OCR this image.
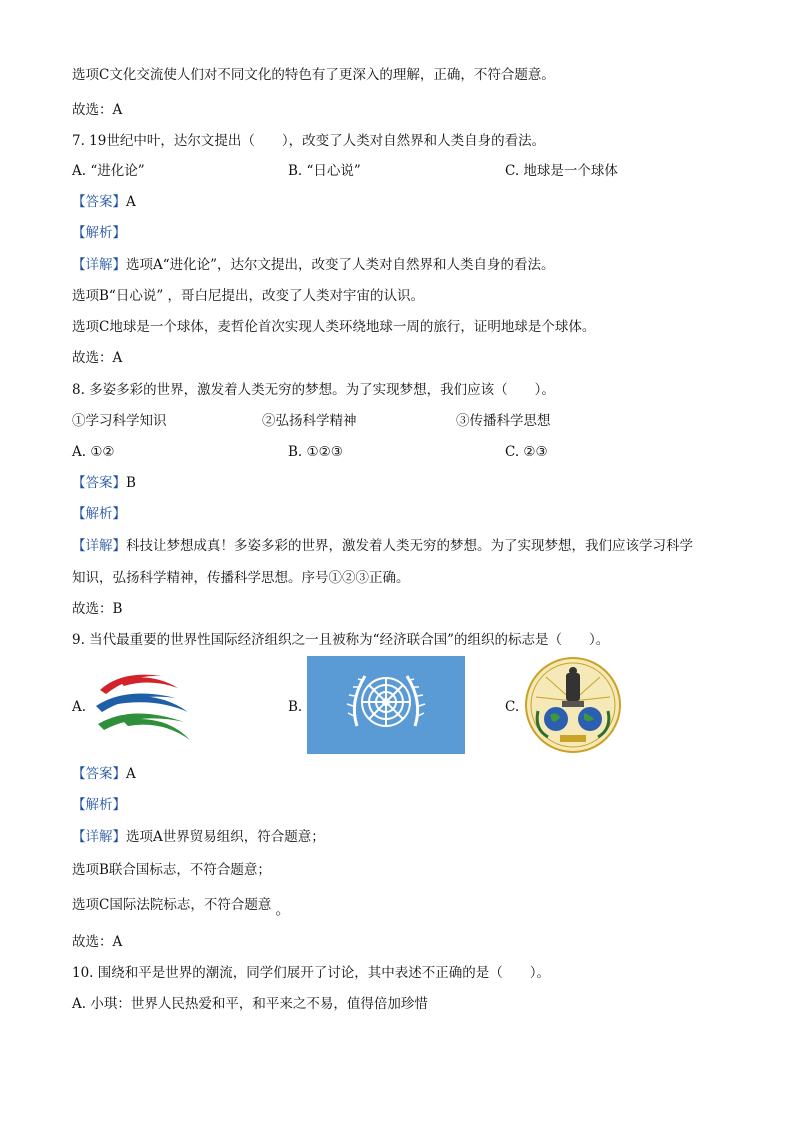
选项C文化交流使人们对不同文化的特色有了更深入的理解，正确，不符合题意。
故选：A
7. 19世纪中叶，达尔文提出（　　），改变了人类对自然界和人类自身的看法。
A. “进化论”	B. “日心说”	C. 地球是一个球体
【答案】A
【解析】
【详解】选项A“进化论”，达尔文提出，改变了人类对自然界和人类自身的看法。
选项B“日心说” ，哥白尼提出，改变了人类对宇宙的认识。
选项C地球是一个球体，麦哲伦首次实现人类环绕地球一周的旅行，证明地球是个球体。
故选：A
8. 多姿多彩的世界，激发着人类无穷的梦想。为了实现梦想，我们应该（　　）。
①学习科学知识	②弘扬科学精神	③传播科学思想
A. ①②	B. ①②③	C. ②③
【答案】B
【解析】
【详解】科技让梦想成真！多姿多彩的世界，激发着人类无穷的梦想。为了实现梦想，我们应该学习科学
知识，弘扬科学精神，传播科学思想。序号①②③正确。
故选：B
9. 当代最重要的世界性国际经济组织之一且被称为“经济联合国”的组织的标志是（　　）。
A.	B.	C.
【答案】A
【解析】
【详解】选项A世界贸易组织，符合题意；
选项B联合国标志，不符合题意；
选项C国际法院标志，不符合题意 。
故选：A
10. 围绕和平是世界的潮流，同学们展开了讨论，其中表述不正确的是（　　）。
A. 小琪：世界人民热爱和平，和平来之不易，值得倍加珍惜
